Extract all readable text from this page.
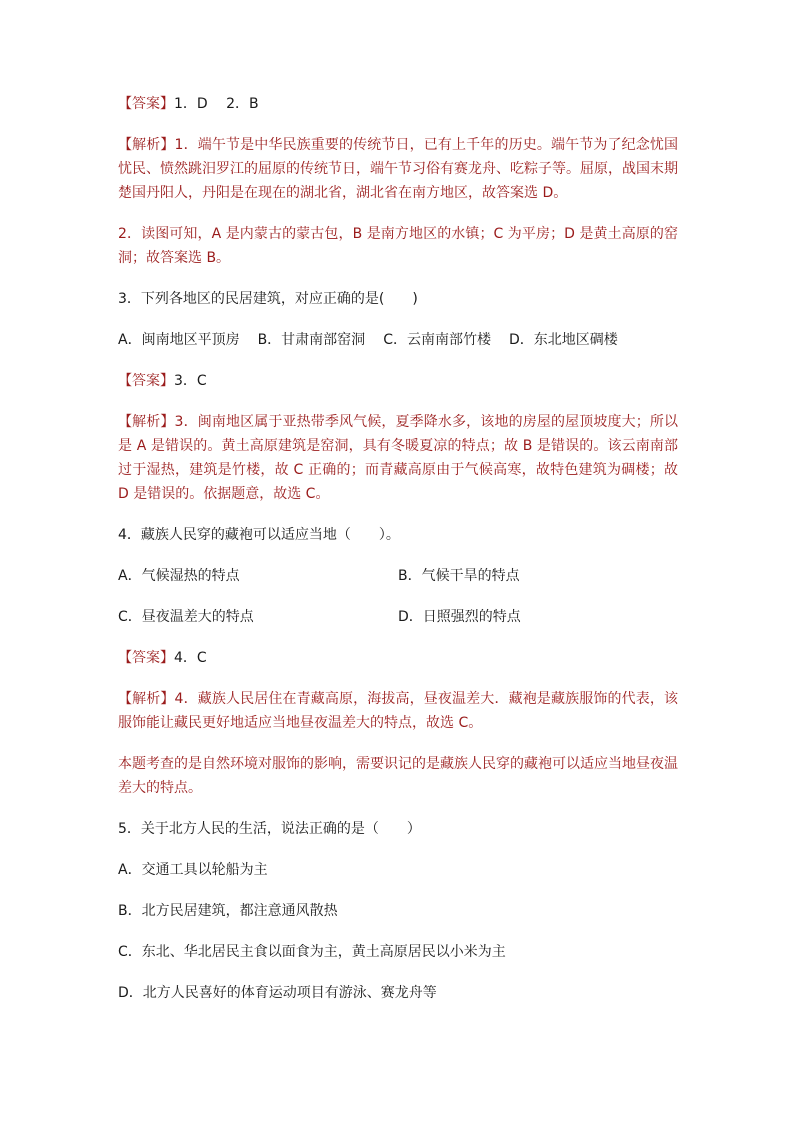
【答案】1．D　 2．B

【解析】1．端午节是中华民族重要的传统节日，已有上千年的历史。端午节为了纪念忧国忧民、愤然跳汨罗江的屈原的传统节日，端午节习俗有赛龙舟、吃粽子等。屈原，战国末期楚国丹阳人，丹阳是在现在的湖北省，湖北省在南方地区，故答案选 D。

2．读图可知，A 是内蒙古的蒙古包，B 是南方地区的水镇；C 为平房；D 是黄土高原的窑洞；故答案选 B。

3．下列各地区的民居建筑，对应正确的是(　　)

A．闽南地区平顶房 B．甘肃南部窑洞 C．云南南部竹楼 D．东北地区碉楼

【答案】3．C

【解析】3．闽南地区属于亚热带季风气候，夏季降水多，该地的房屋的屋顶坡度大；所以是 A 是错误的。黄土高原建筑是窑洞，具有冬暖夏凉的特点；故 B 是错误的。该云南南部过于湿热，建筑是竹楼，故 C 正确的；而青藏高原由于气候高寒，故特色建筑为碉楼；故 D 是错误的。依据题意，故选 C。

4．藏族人民穿的藏袍可以适应当地（　　）。

A．气候湿热的特点	B．气候干旱的特点
C．昼夜温差大的特点	D．日照强烈的特点

【答案】4．C

【解析】4．藏族人民居住在青藏高原，海拔高，昼夜温差大．藏袍是藏族服饰的代表，该服饰能让藏民更好地适应当地昼夜温差大的特点，故选 C。

本题考查的是自然环境对服饰的影响，需要识记的是藏族人民穿的藏袍可以适应当地昼夜温差大的特点。

5．关于北方人民的生活，说法正确的是（　　）

A．交通工具以轮船为主

B．北方民居建筑，都注意通风散热

C．东北、华北居民主食以面食为主，黄土高原居民以小米为主

D．北方人民喜好的体育运动项目有游泳、赛龙舟等
